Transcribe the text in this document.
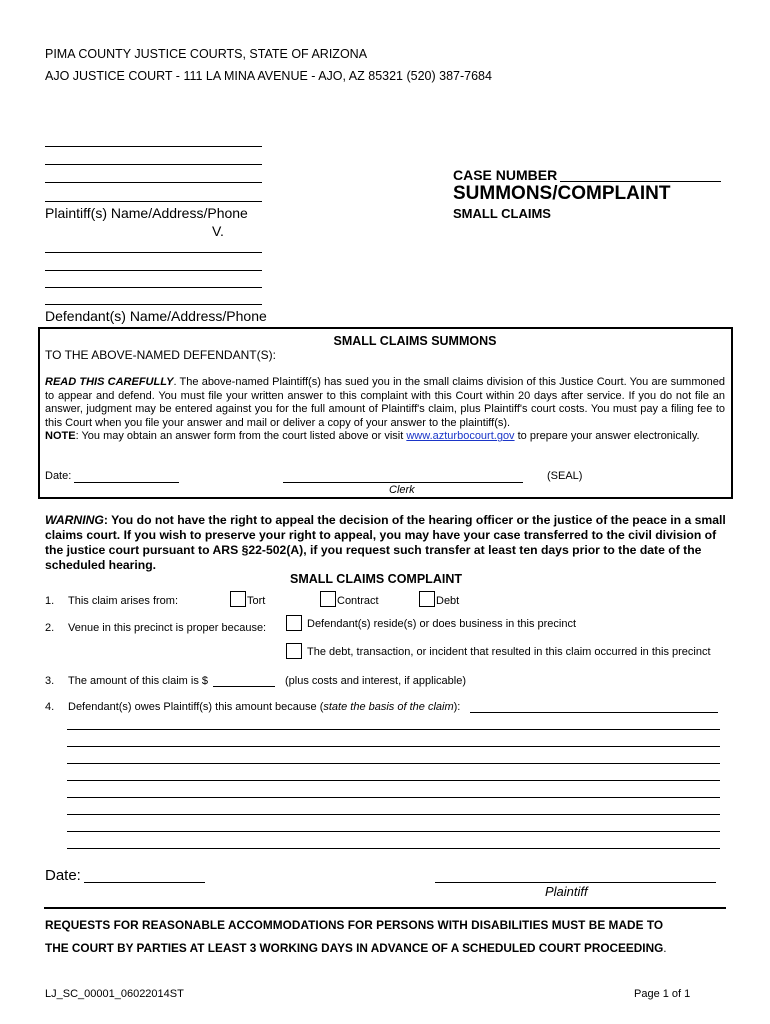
PIMA COUNTY JUSTICE COURTS, STATE OF ARIZONA
AJO JUSTICE COURT - 111 LA MINA AVENUE - AJO, AZ 85321 (520) 387-7684
Plaintiff(s) Name/Address/Phone
V.
Defendant(s) Name/Address/Phone
CASE NUMBER
SUMMONS/COMPLAINT
SMALL CLAIMS
SMALL CLAIMS SUMMONS
TO THE ABOVE-NAMED DEFENDANT(S):
READ THIS CAREFULLY. The above-named Plaintiff(s) has sued you in the small claims division of this Justice Court. You are summoned to appear and defend. You must file your written answer to this complaint with this Court within 20 days after service. If you do not file an answer, judgment may be entered against you for the full amount of Plaintiff's claim, plus Plaintiff's court costs. You must pay a filing fee to this Court when you file your answer and mail or deliver a copy of your answer to the plaintiff(s).
NOTE: You may obtain an answer form from the court listed above or visit www.azturbocourt.gov to prepare your answer electronically.
Date:	(SEAL)
Clerk
WARNING: You do not have the right to appeal the decision of the hearing officer or the justice of the peace in a small claims court. If you wish to preserve your right to appeal, you may have your case transferred to the civil division of the justice court pursuant to ARS §22-502(A), if you request such transfer at least ten days prior to the date of the scheduled hearing.
SMALL CLAIMS COMPLAINT
1. This claim arises from:	Tort	Contract	Debt
2. Venue in this precinct is proper because:	Defendant(s) reside(s) or does business in this precinct
The debt, transaction, or incident that resulted in this claim occurred in this precinct
3. The amount of this claim is $	(plus costs and interest, if applicable)
4. Defendant(s) owes Plaintiff(s) this amount because (state the basis of the claim):
Date:
Plaintiff
REQUESTS FOR REASONABLE ACCOMMODATIONS FOR PERSONS WITH DISABILITIES MUST BE MADE TO
THE COURT BY PARTIES AT LEAST 3 WORKING DAYS IN ADVANCE OF A SCHEDULED COURT PROCEEDING.
LJ_SC_00001_06022014ST	Page 1 of 1
